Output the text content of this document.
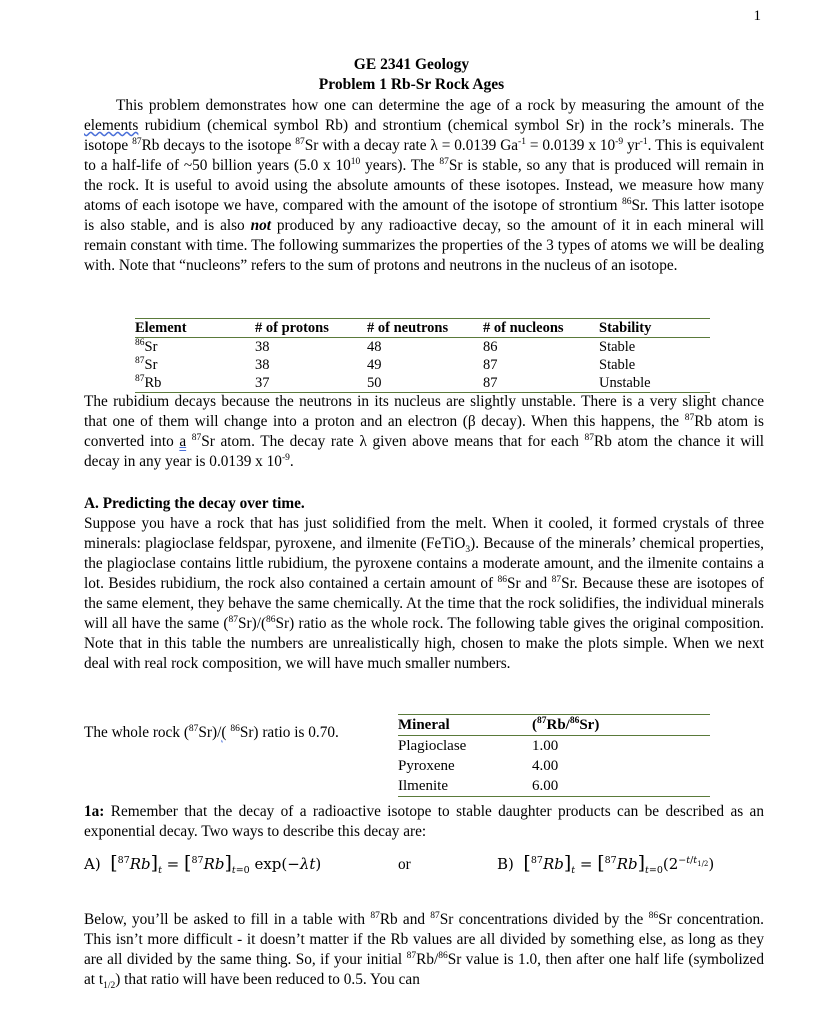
1
GE 2341 Geology
Problem 1 Rb-Sr Rock Ages

This problem demonstrates how one can determine the age of a rock by measuring the amount of the elements rubidium (chemical symbol Rb) and strontium (chemical symbol Sr) in the rock’s minerals. The isotope $^{87}$Rb decays to the isotope $^{87}$Sr with a decay rate λ = 0.0139 $Ga^{-1} = 0.0139$ x $10^{-9}$ $yr^{-1}$. This is equivalent to a half-life of ~50 billion years (5.0 x $10^{10}$ years). The $^{87}$Sr is stable, so any that is produced will remain in the rock. It is useful to avoid using the absolute amounts of these isotopes. Instead, we measure how many atoms of each isotope we have, compared with the amount of the isotope of strontium $^{86}$Sr. This latter isotope is also stable, and is also not produced by any radioactive decay, so the amount of it in each mineral will remain constant with time. The following summarizes the properties of the 3 types of atoms we will be dealing with. Note that “nucleons” refers to the sum of protons and neutrons in the nucleus of an isotope.

Element	# of protons	# of neutrons	# of nucleons	Stability
$^{86}$Sr	38	48	86	Stable
$^{87}$Sr	38	49	87	Stable
$^{87}$Rb	37	50	87	Unstable

The rubidium decays because the neutrons in its nucleus are slightly unstable. There is a very slight chance that one of them will change into a proton and an electron (β decay). When this happens, the $^{87}$Rb atom is converted into a $^{87}$Sr atom. The decay rate λ given above means that for each $^{87}$Rb atom the chance it will decay in any year is 0.0139 x $10^{-9}$.

A. Predicting the decay over time.

Suppose you have a rock that has just solidified from the melt. When it cooled, it formed crystals of three minerals: plagioclase feldspar, pyroxene, and ilmenite (FeTiO$_3$). Because of the minerals’ chemical properties, the plagioclase contains little rubidium, the pyroxene contains a moderate amount, and the ilmenite contains a lot. Besides rubidium, the rock also contained a certain amount of $^{86}$Sr and $^{87}$Sr. Because these are isotopes of the same element, they behave the same chemically. At the time that the rock solidifies, the individual minerals will all have the same ($^{87}$Sr)/($^{86}$Sr) ratio as the whole rock. The following table gives the original composition. Note that in this table the numbers are unrealistically high, chosen to make the plots simple. When we next deal with real rock composition, we will have much smaller numbers.

The whole rock ($^{87}$Sr)/( $^{86}$Sr) ratio is 0.70.	Mineral	($^{87}$Rb/$^{86}$Sr)
Plagioclase	1.00
Pyroxene	4.00
Ilmenite	6.00

1a: Remember that the decay of a radioactive isotope to stable daughter products can be described as an exponential decay. Two ways to describe this decay are:

A) $[^{87}Rb]_t = [^{87}Rb]_{t=0}$ exp(−λt)	or	B) $[^{87}Rb]_t = [^{87}Rb]_{t=0}(2^{-t/t_{1/2}})$

Below, you’ll be asked to fill in a table with $^{87}$Rb and $^{87}$Sr concentrations divided by the $^{86}$Sr concentration. This isn’t more difficult - it doesn’t matter if the Rb values are all divided by something else, as long as they are all divided by the same thing. So, if your initial $^{87}$Rb/$^{86}$Sr value is 1.0, then after one half life (symbolized at $t_{1/2}$) that ratio will have been reduced to 0.5. You can
